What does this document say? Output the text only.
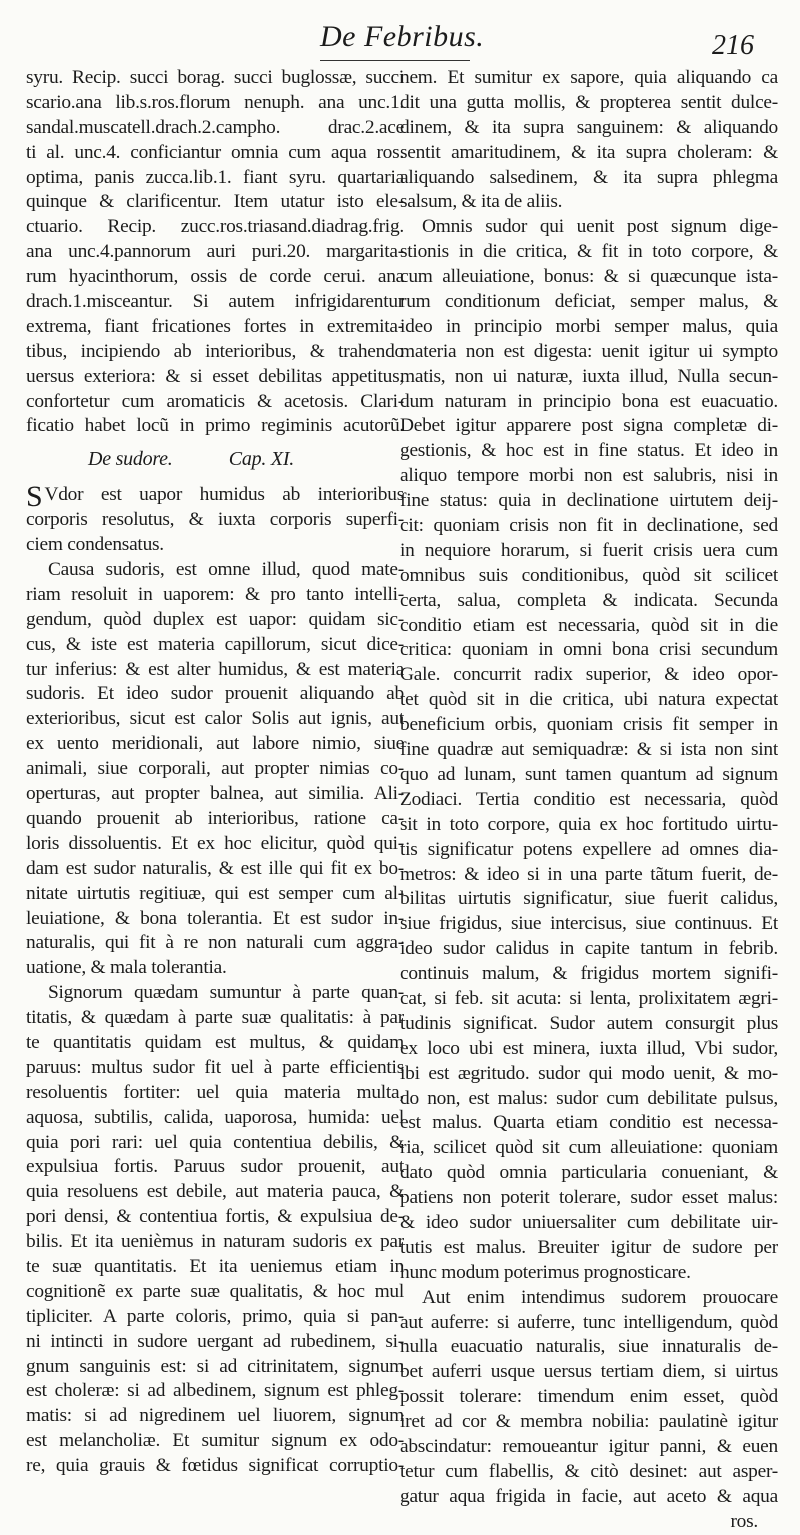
De Febribus.	216
syru. Recip. succi borag. succi buglossæ, succi
scario.ana lib.s.ros.florum nenuph. ana unc.1.
sandal.muscatell.drach.2.campho. drac.2.ace
ti al. unc.4. conficiantur omnia cum aqua ros.
optima, panis zucca.lib.1. fiant syru. quartaria
quinque & clarificentur. Item utatur isto ele-
ctuario. Recip. zucc.ros.triasand.diadrag.frig.
ana unc.4.pannorum auri puri.20. margarita-
rum hyacinthorum, ossis de corde cerui. ana
drach.1.misceantur. Si autem infrigidarentur
extrema, fiant fricationes fortes in extremita-
tibus, incipiendo ab interioribus, & trahendo
uersus exteriora: & si esset debilitas appetitus,
confortetur cum aromaticis & acetosis. Clari-
ficatio habet locũ in primo regiminis acutorũ.
De sudore.	Cap. XI.
S Vdor est uapor humidus ab interioribus
corporis resolutus, & iuxta corporis superfi-
ciem condensatus.
Causa sudoris, est omne illud, quod mate-
riam resoluit in uaporem: & pro tanto intelli-
gendum, quòd duplex est uapor: quidam sic-
cus, & iste est materia capillorum, sicut dice-
tur inferius: & est alter humidus, & est materia
sudoris. Et ideo sudor prouenit aliquando ab
exterioribus, sicut est calor Solis aut ignis, aut
ex uento meridionali, aut labore nimio, siue
animali, siue corporali, aut propter nimias co-
operturas, aut propter balnea, aut similia. Ali-
quando prouenit ab interioribus, ratione ca-
loris dissoluentis. Et ex hoc elicitur, quòd qui-
dam est sudor naturalis, & est ille qui fit ex bo-
nitate uirtutis regitiuæ, qui est semper cum al-
leuiatione, & bona tolerantia. Et est sudor in-
naturalis, qui fit à re non naturali cum aggra-
uatione, & mala tolerantia.
Signorum quædam sumuntur à parte quan-
titatis, & quædam à parte suæ qualitatis: à par
te quantitatis quidam est multus, & quidam
paruus: multus sudor fit uel à parte efficientis
resoluentis fortiter: uel quia materia multa,
aquosa, subtilis, calida, uaporosa, humida: uel
quia pori rari: uel quia contentiua debilis, &
expulsiua fortis. Paruus sudor prouenit, aut
quia resoluens est debile, aut materia pauca, &
pori densi, & contentiua fortis, & expulsiua de-
bilis. Et ita uenièmus in naturam sudoris ex par
te suæ quantitatis. Et ita ueniemus etiam in
cognitionẽ ex parte suæ qualitatis, & hoc mul
tipliciter. A parte coloris, primo, quia si pan-
ni intincti in sudore uergant ad rubedinem, si-
gnum sanguinis est: si ad citrinitatem, signum
est choleræ: si ad albedinem, signum est phleg-
matis: si ad nigredinem uel liuorem, signum
est melancholiæ. Et sumitur signum ex odo-
re, quia grauis & fœtidus significat corruptio-
nem. Et sumitur ex sapore, quia aliquando ca
dit una gutta mollis, & propterea sentit dulce-
dinem, & ita supra sanguinem: & aliquando
sentit amaritudinem, & ita supra choleram: &
aliquando salsedinem, & ita supra phlegma
salsum, & ita de aliis.
Omnis sudor qui uenit post signum dige-
stionis in die critica, & fit in toto corpore, &
cum alleuiatione, bonus: & si quæcunque ista-
rum conditionum deficiat, semper malus, &
ideo in principio morbi semper malus, quia
materia non est digesta: uenit igitur ui sympto
matis, non ui naturæ, iuxta illud, Nulla secun-
dum naturam in principio bona est euacuatio.
Debet igitur apparere post signa completæ di-
gestionis, & hoc est in fine status. Et ideo in
aliquo tempore morbi non est salubris, nisi in
fine status: quia in declinatione uirtutem deij-
cit: quoniam crisis non fit in declinatione, sed
in nequiore horarum, si fuerit crisis uera cum
omnibus suis conditionibus, quòd sit scilicet
certa, salua, completa & indicata. Secunda
conditio etiam est necessaria, quòd sit in die
critica: quoniam in omni bona crisi secundum
Gale. concurrit radix superior, & ideo opor-
tet quòd sit in die critica, ubi natura expectat
beneficium orbis, quoniam crisis fit semper in
fine quadræ aut semiquadræ: & si ista non sint
quo ad lunam, sunt tamen quantum ad signum
Zodiaci. Tertia conditio est necessaria, quòd
sit in toto corpore, quia ex hoc fortitudo uirtu-
tis significatur potens expellere ad omnes dia-
metros: & ideo si in una parte tãtum fuerit, de-
bilitas uirtutis significatur, siue fuerit calidus,
siue frigidus, siue intercisus, siue continuus. Et
ideo sudor calidus in capite tantum in febrib.
continuis malum, & frigidus mortem signifi-
cat, si feb. sit acuta: si lenta, prolixitatem ægri-
tudinis significat. Sudor autem consurgit plus
ex loco ubi est minera, iuxta illud, Vbi sudor,
ibi est ægritudo. sudor qui modo uenit, & mo-
do non, est malus: sudor cum debilitate pulsus,
est malus. Quarta etiam conditio est necessa-
ria, scilicet quòd sit cum alleuiatione: quoniam
dato quòd omnia particularia conueniant, &
patiens non poterit tolerare, sudor esset malus:
& ideo sudor uniuersaliter cum debilitate uir-
tutis est malus. Breuiter igitur de sudore per
hunc modum poterimus prognosticare.
Aut enim intendimus sudorem prouocare
aut auferre: si auferre, tunc intelligendum, quòd
nulla euacuatio naturalis, siue innaturalis de-
bet auferri usque uersus tertiam diem, si uirtus
possit tolerare: timendum enim esset, quòd
iret ad cor & membra nobilia: paulatinè igitur
abscindatur: remoueantur igitur panni, & euen
tetur cum flabellis, & citò desinet: aut asper-
gatur aqua frigida in facie, aut aceto & aqua
ros.
